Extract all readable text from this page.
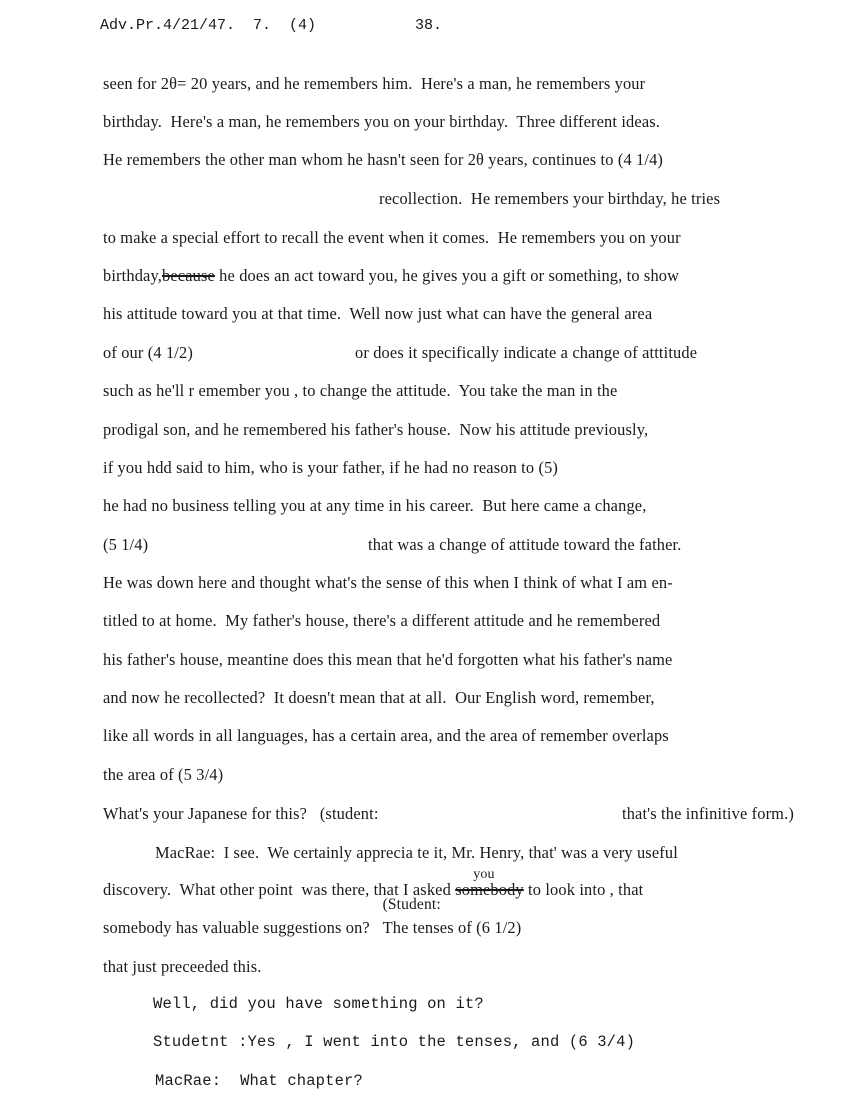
Adv.Pr.4/21/47.  7.  (4)	38.
seen for 2θ= 20 years, and he remembers him.  Here's a man, he remembers your
birthday.  Here's a man, he remembers you on your birthday.  Three different ideas.
He remembers the other man whom he hasn't seen for 2θ years, continues to (4 1/4)
recollection.  He remembers your birthday, he tries
to make a special effort to recall the event when it comes.  He remembers you on your
birthday,because he does an act toward you, he gives you a gift or something, to show
his attitude toward you at that time.  Well now just what can have the general area
of our (4 1/2)	or does it specifically indicate a change of atttitude
such as he'll r emember you , to change the attitude.  You take the man in the
prodigal son, and he remembered his father's house.  Now his attitude previously,
if you hdd said to him, who is your father, if he had no reason to (5)
he had no business telling you at any time in his career.  But here came a change,
(5 1/4)	that was a change of attitude toward the father.
He was down here and thought what's the sense of this when I think of what I am en-
titled to at home.  My father's house, there's a different attitude and he remembered
his father's house, meantine does this mean that he'd forgotten what his father's name
and now he recollected?  It doesn't mean that at all.  Our English word, remember,
like all words in all languages, has a certain area, and the area of remember overlaps
the area of (5 3/4)
What's your Japanese for this?   (student:	that's the infinitive form.)
MacRae:  I see.  We certainly apprecia te it, Mr. Henry, that' was a very useful
discovery.  What other point  was there, that I asked
you
somebody to look into , that
somebody has valuable suggestions on?
(Student:
The tenses of (6 1/2)
that just preceeded this.
Well, did you have something on it?
Studetnt :Yes , I went into the tenses, and (6 3/4)
MacRae:  What chapter?
